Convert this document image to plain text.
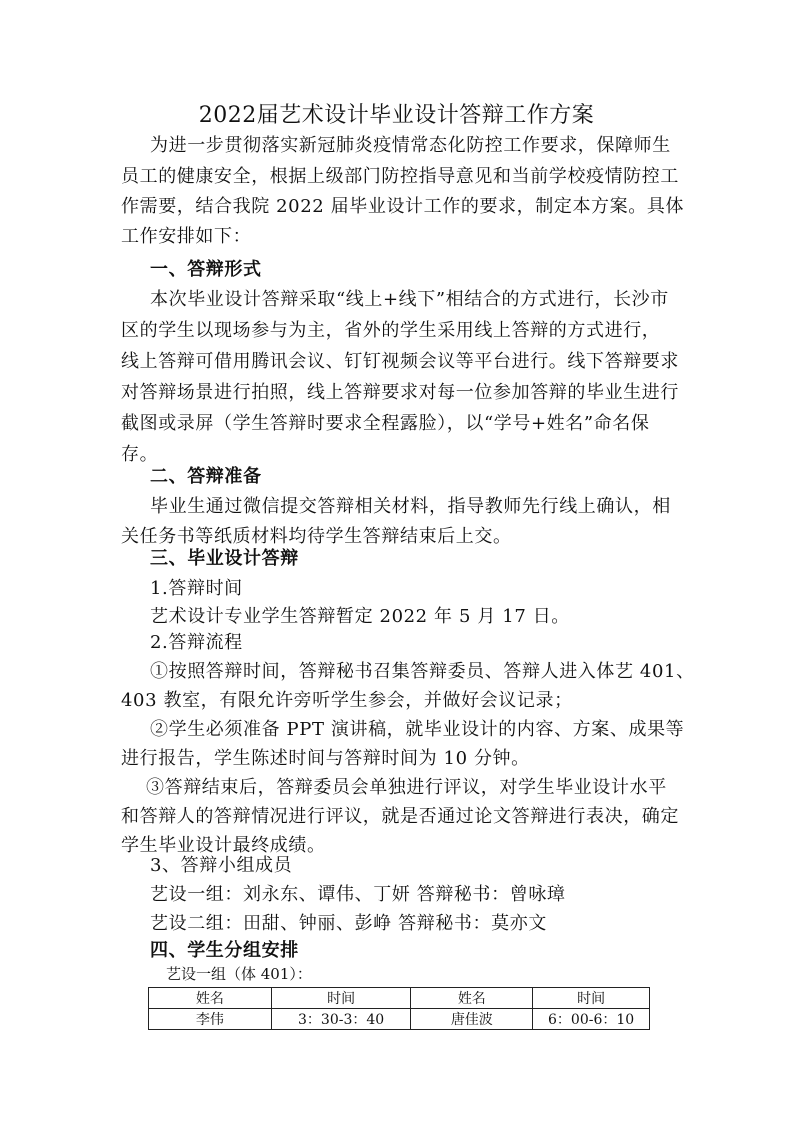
2022届艺术设计毕业设计答辩工作方案
为进一步贯彻落实新冠肺炎疫情常态化防控工作要求，保障师生
员工的健康安全，根据上级部门防控指导意见和当前学校疫情防控工
作需要，结合我院 2022 届毕业设计工作的要求，制定本方案。具体
工作安排如下：
一、答辩形式
本次毕业设计答辩采取“线上+线下”相结合的方式进行，长沙市
区的学生以现场参与为主，省外的学生采用线上答辩的方式进行，
线上答辩可借用腾讯会议、钉钉视频会议等平台进行。线下答辩要求
对答辩场景进行拍照，线上答辩要求对每一位参加答辩的毕业生进行
截图或录屏（学生答辩时要求全程露脸），以“学号+姓名”命名保
存。
二、答辩准备
毕业生通过微信提交答辩相关材料，指导教师先行线上确认，相
关任务书等纸质材料均待学生答辩结束后上交。
三、毕业设计答辩
1.答辩时间
艺术设计专业学生答辩暂定 2022 年 5 月 17 日。
2.答辩流程
①按照答辩时间，答辩秘书召集答辩委员、答辩人进入体艺 401、
403 教室，有限允许旁听学生参会，并做好会议记录；
②学生必须准备 PPT 演讲稿，就毕业设计的内容、方案、成果等
进行报告，学生陈述时间与答辩时间为 10 分钟。
③答辩结束后，答辩委员会单独进行评议，对学生毕业设计水平
和答辩人的答辩情况进行评议，就是否通过论文答辩进行表决，确定
学生毕业设计最终成绩。
3、答辩小组成员
艺设一组：刘永东、谭伟、丁妍 答辩秘书：曾咏璋
艺设二组：田甜、钟丽、彭峥 答辩秘书：莫亦文
四、学生分组安排
艺设一组（体 401）：
姓名	时间	姓名	时间
李伟	3：30-3：40	唐佳波	6：00-6：10
